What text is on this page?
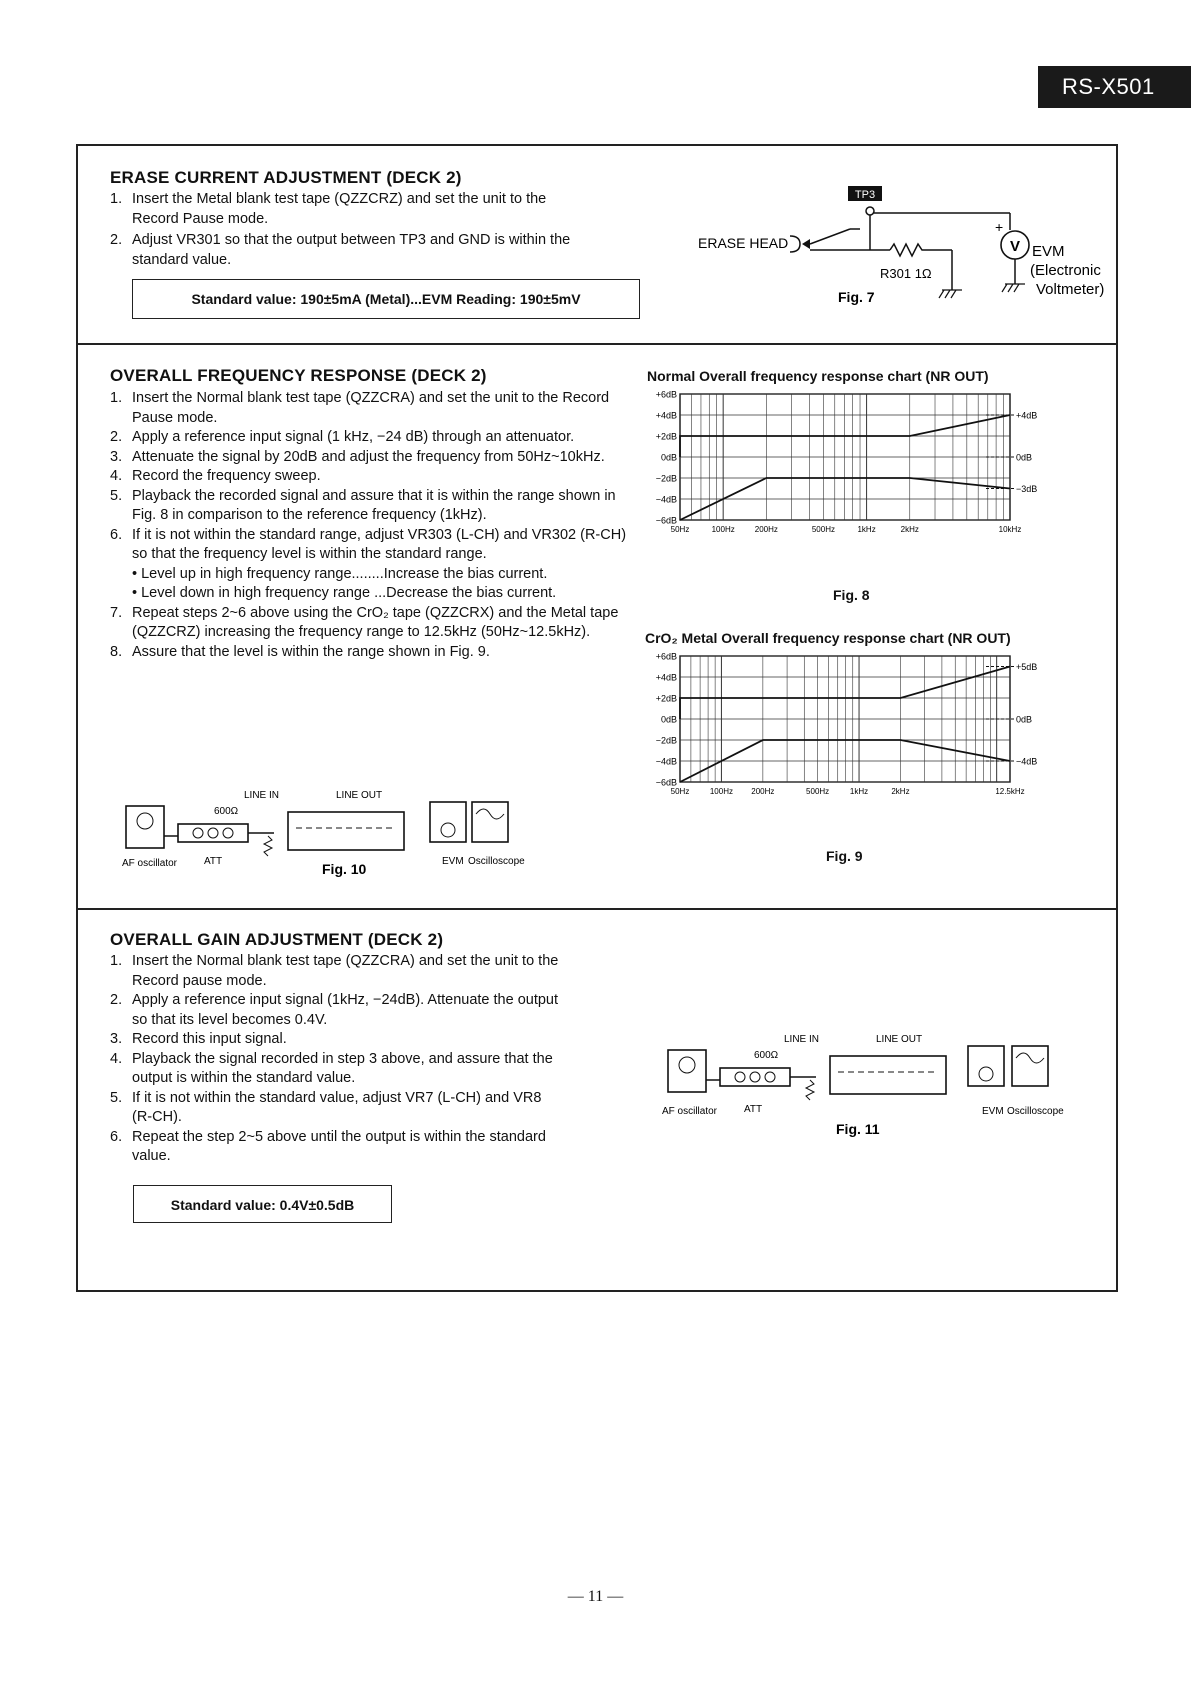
RS-X501
ERASE CURRENT ADJUSTMENT (DECK 2)
1. Insert the Metal blank test tape (QZZCRZ) and set the unit to the Record Pause mode.
2. Adjust VR301 so that the output between TP3 and GND is within the standard value.
Standard value: 190±5mA (Metal)...EVM Reading: 190±5mV
TP3
ERASE HEAD
R301 1Ω
V
+
EVM
(Electronic
Voltmeter)
Fig. 7
OVERALL FREQUENCY RESPONSE (DECK 2)
1. Insert the Normal blank test tape (QZZCRA) and set the unit to the Record Pause mode.
2. Apply a reference input signal (1 kHz, −24 dB) through an attenuator.
3. Attenuate the signal by 20dB and adjust the frequency from 50Hz~10kHz.
4. Record the frequency sweep.
5. Playback the recorded signal and assure that it is within the range shown in Fig. 8 in comparison to the reference frequency (1kHz).
6. If it is not within the standard range, adjust VR303 (L-CH) and VR302 (R-CH) so that the frequency level is within the standard range.
• Level up in high frequency range........Increase the bias current.
• Level down in high frequency range ...Decrease the bias current.
7. Repeat steps 2~6 above using the CrO₂ tape (QZZCRX) and the Metal tape (QZZCRZ) increasing the frequency range to 12.5kHz (50Hz~12.5kHz).
8. Assure that the level is within the range shown in Fig. 9.
LINE IN	LINE OUT
600Ω
AF oscillator	ATT	EVM Oscilloscope
Fig. 10
Normal Overall frequency response chart (NR OUT)
+6dB
+4dB
+2dB
0dB
−2dB
−4dB
−6dB
50Hz	100Hz	200Hz	500Hz	1kHz	2kHz	10kHz
+4dB
0dB
−3dB
Fig. 8
CrO₂ Metal Overall frequency response chart (NR OUT)
+6dB
+4dB
+2dB
0dB
−2dB
−4dB
−6dB
50Hz	100Hz 200Hz	500Hz	1kHz	2kHz	12.5kHz
+5dB
0dB
−4dB
Fig. 9
OVERALL GAIN ADJUSTMENT (DECK 2)
1. Insert the Normal blank test tape (QZZCRA) and set the unit to the Record pause mode.
2. Apply a reference input signal (1kHz, −24dB). Attenuate the output so that its level becomes 0.4V.
3. Record this input signal.
4. Playback the signal recorded in step 3 above, and assure that the output is within the standard value.
5. If it is not within the standard value, adjust VR7 (L-CH) and VR8 (R-CH).
6. Repeat the step 2~5 above until the output is within the standard value.
Standard value: 0.4V±0.5dB
LINE IN	LINE OUT
600Ω
AF oscillator	ATT	EVM Oscilloscope
Fig. 11
— 11 —
